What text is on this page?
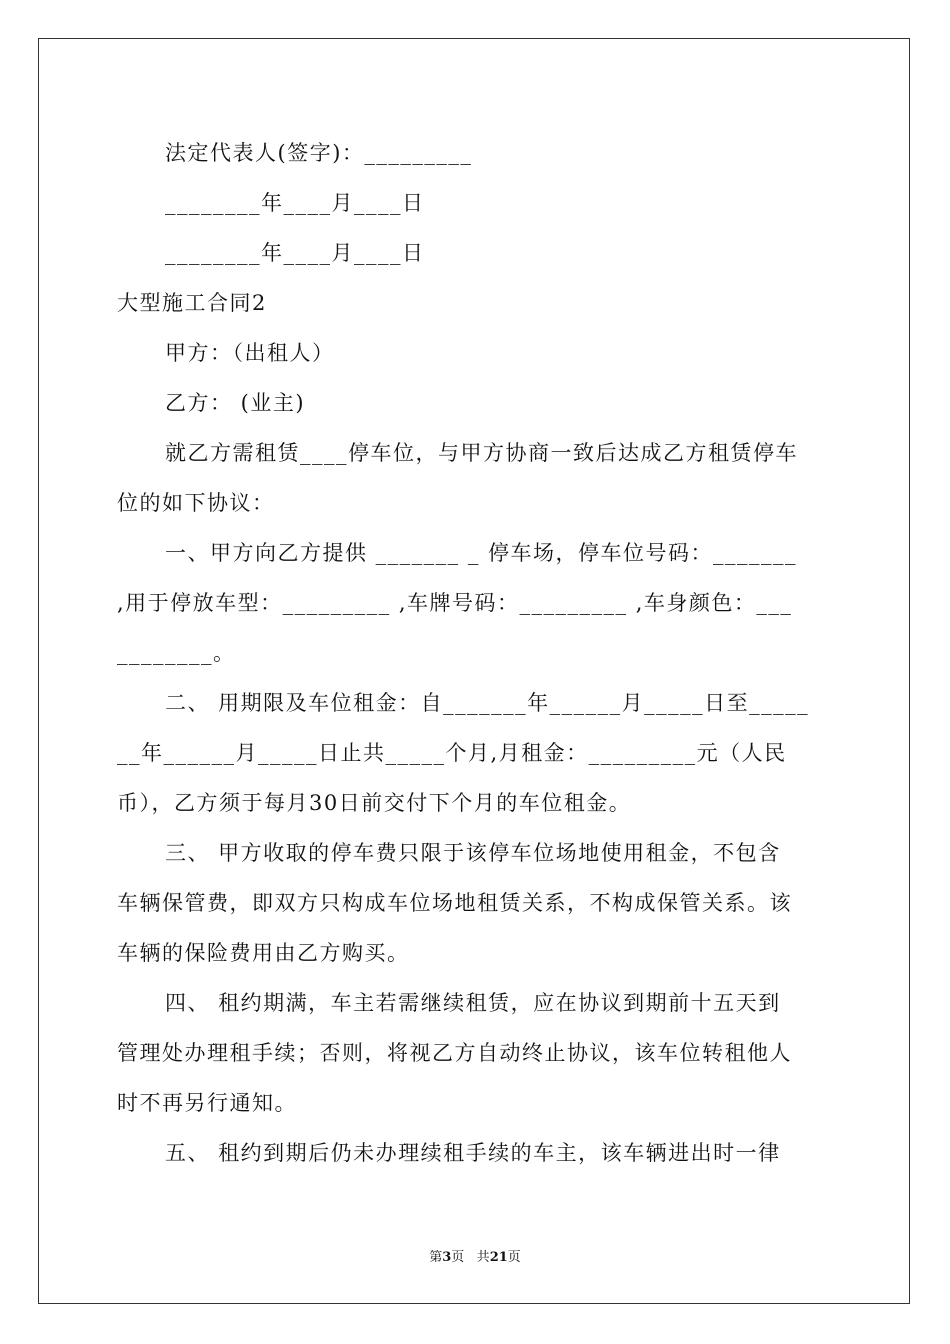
法定代表人(签字)：_________
________年____月____日
________年____月____日
大型施工合同2
甲方：（出租人）
乙方： (业主)
就乙方需租赁____停车位，与甲方协商一致后达成乙方租赁停车
位的如下协议：
一、甲方向乙方提供 _______ _ 停车场，停车位号码：_______
,用于停放车型：_________ ,车牌号码：_________ ,车身颜色：___
________。
二、 用期限及车位租金：自_______年______月_____日至_____
__年______月_____日止共_____个月,月租金：_________元（人民
币），乙方须于每月30日前交付下个月的车位租金。
三、 甲方收取的停车费只限于该停车位场地使用租金，不包含
车辆保管费，即双方只构成车位场地租赁关系，不构成保管关系。该
车辆的保险费用由乙方购买。
四、 租约期满，车主若需继续租赁，应在协议到期前十五天到
管理处办理租手续；否则，将视乙方自动终止协议，该车位转租他人
时不再另行通知。
五、 租约到期后仍未办理续租手续的车主，该车辆进出时一律
第3页 共21页
